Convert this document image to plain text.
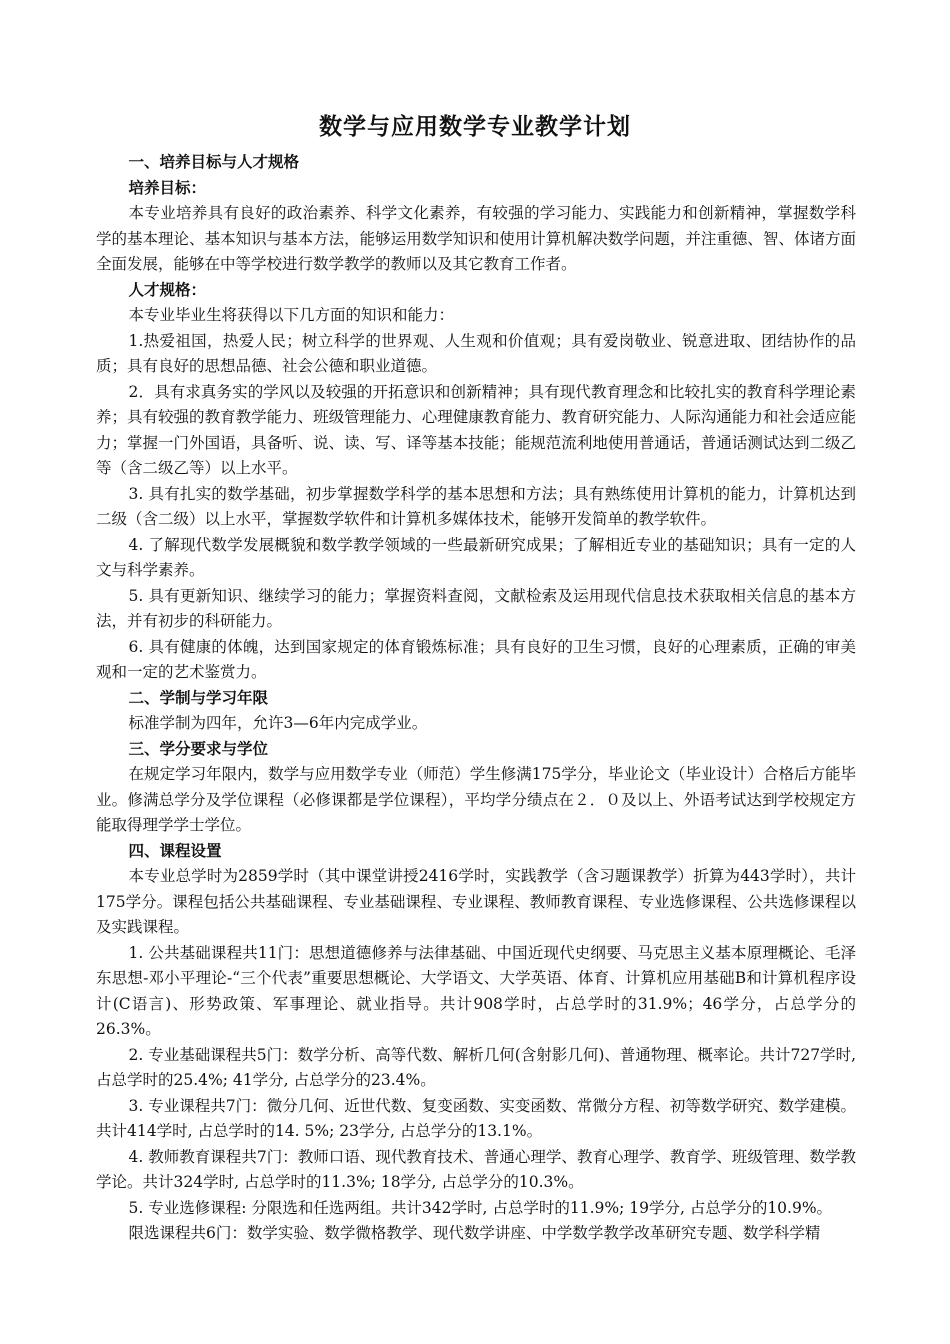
数学与应用数学专业教学计划

一、培养目标与人才规格

培养目标：

本专业培养具有良好的政治素养、科学文化素养，有较强的学习能力、实践能力和创新精神，掌握数学科学的基本理论、基本知识与基本方法，能够运用数学知识和使用计算机解决数学问题，并注重德、智、体诸方面全面发展，能够在中等学校进行数学教学的教师以及其它教育工作者。

人才规格：

本专业毕业生将获得以下几方面的知识和能力：

1.热爱祖国，热爱人民；树立科学的世界观、人生观和价值观；具有爱岗敬业、锐意进取、团结协作的品质；具有良好的思想品德、社会公德和职业道德。

2．具有求真务实的学风以及较强的开拓意识和创新精神；具有现代教育理念和比较扎实的教育科学理论素养；具有较强的教育教学能力、班级管理能力、心理健康教育能力、教育研究能力、人际沟通能力和社会适应能力；掌握一门外国语，具备听、说、读、写、译等基本技能；能规范流利地使用普通话，普通话测试达到二级乙等（含二级乙等）以上水平。

3. 具有扎实的数学基础，初步掌握数学科学的基本思想和方法；具有熟练使用计算机的能力，计算机达到二级（含二级）以上水平，掌握数学软件和计算机多媒体技术，能够开发简单的教学软件。

4. 了解现代数学发展概貌和数学教学领域的一些最新研究成果；了解相近专业的基础知识；具有一定的人文与科学素养。

5. 具有更新知识、继续学习的能力；掌握资料查阅，文献检索及运用现代信息技术获取相关信息的基本方法，并有初步的科研能力。

6. 具有健康的体魄，达到国家规定的体育锻炼标准；具有良好的卫生习惯，良好的心理素质，正确的审美观和一定的艺术鉴赏力。

二、学制与学习年限

标准学制为四年，允许3—6年内完成学业。

三、学分要求与学位

在规定学习年限内，数学与应用数学专业（师范）学生修满175学分，毕业论文（毕业设计）合格后方能毕业。修满总学分及学位课程（必修课都是学位课程），平均学分绩点在２．０及以上、外语考试达到学校规定方能取得理学学士学位。

四、课程设置

本专业总学时为2859学时（其中课堂讲授2416学时，实践教学（含习题课教学）折算为443学时），共计175学分。课程包括公共基础课程、专业基础课程、专业课程、教师教育课程、专业选修课程、公共选修课程以及实践课程。

1. 公共基础课程共11门：思想道德修养与法律基础、中国近现代史纲要、马克思主义基本原理概论、毛泽东思想-邓小平理论-“三个代表”重要思想概论、大学语文、大学英语、体育、计算机应用基础B和计算机程序设计(C语言)、形势政策、军事理论、就业指导。共计908学时，占总学时的31.9%；46学分，占总学分的26.3%。

2. 专业基础课程共5门：数学分析、高等代数、解析几何(含射影几何)、普通物理、概率论。共计727学时, 占总学时的25.4%; 41学分, 占总学分的23.4%。

3. 专业课程共7门：微分几何、近世代数、复变函数、实变函数、常微分方程、初等数学研究、数学建模。共计414学时, 占总学时的14. 5%; 23学分, 占总学分的13.1%。

4. 教师教育课程共7门：教师口语、现代教育技术、普通心理学、教育心理学、教育学、班级管理、数学教学论。共计324学时, 占总学时的11.3%; 18学分, 占总学分的10.3%。

5. 专业选修课程: 分限选和任选两组。共计342学时, 占总学时的11.9%; 19学分, 占总学分的10.9%。

限选课程共6门：数学实验、数学微格教学、现代数学讲座、中学数学教学改革研究专题、数学科学精
